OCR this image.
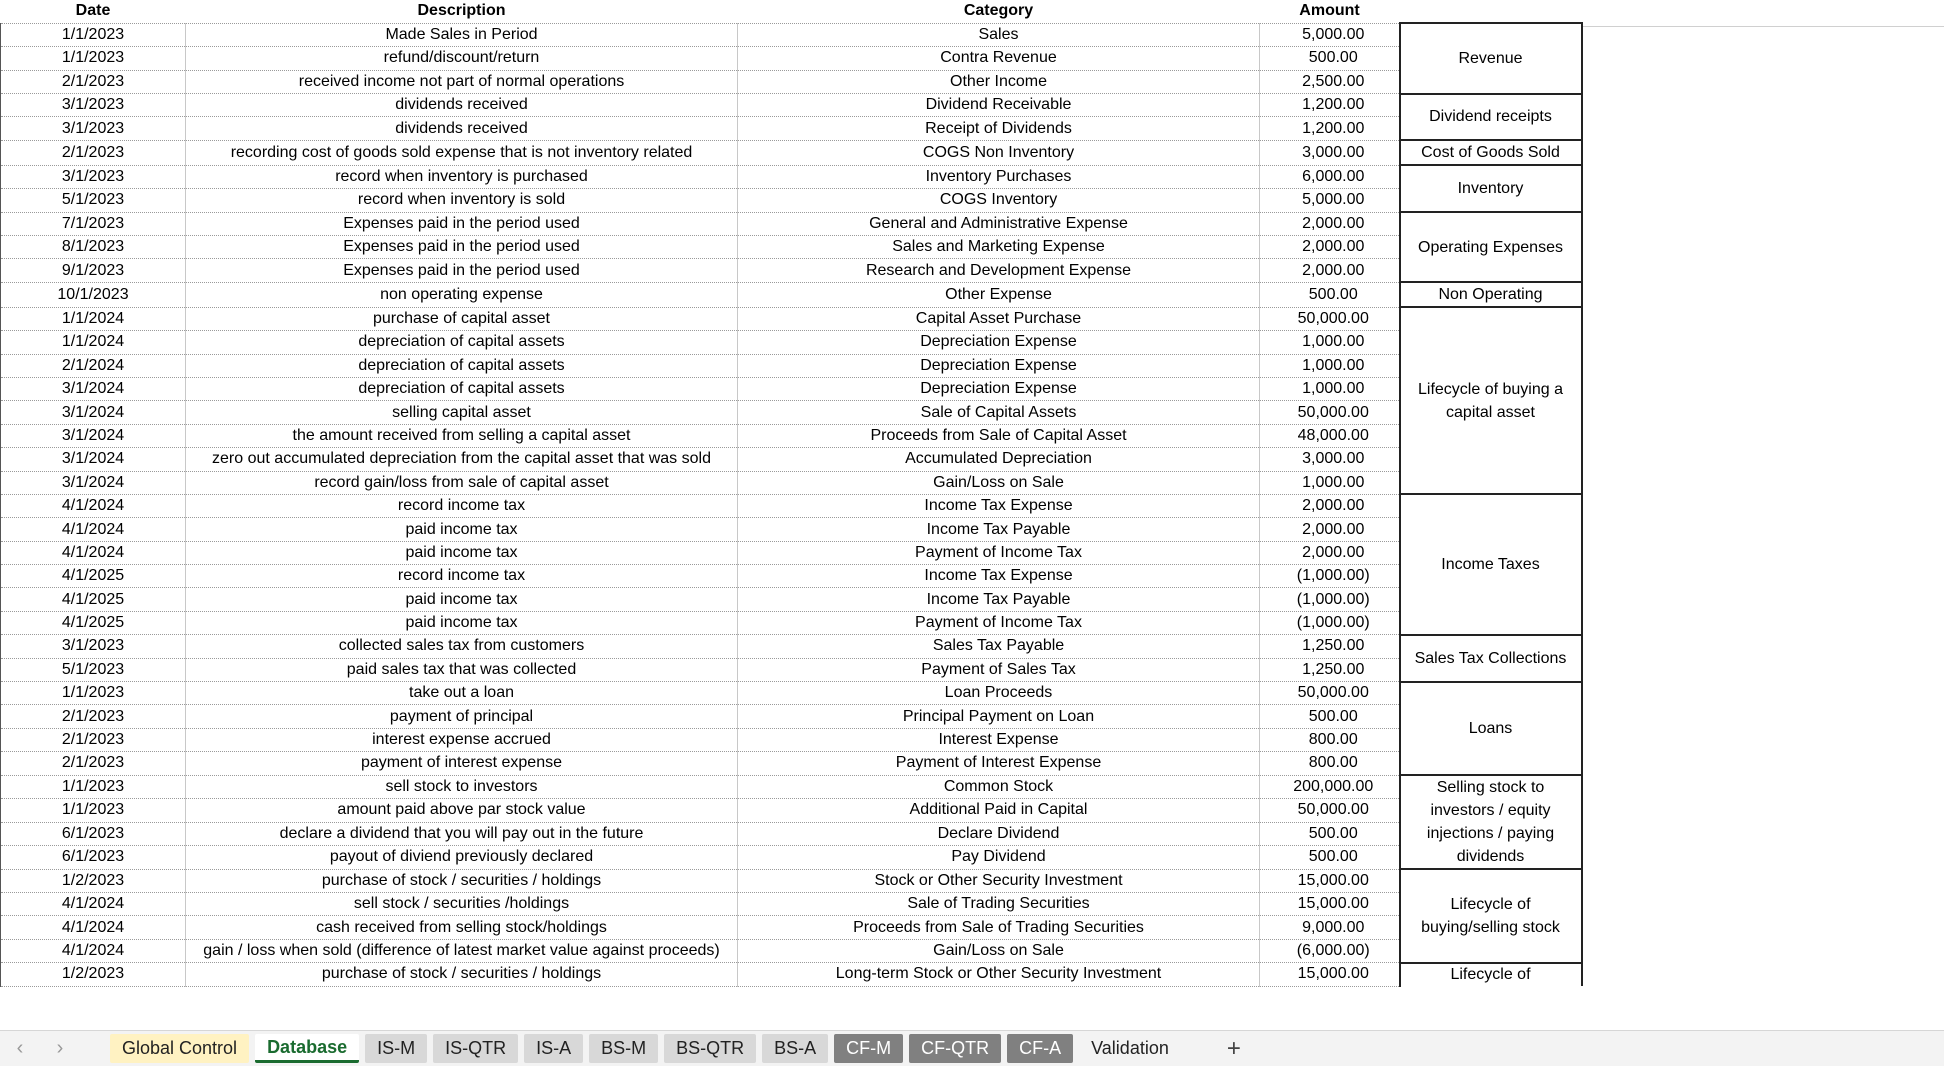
Date	Description	Category	Amount	
1/1/2023	Made Sales in Period	Sales	5,000.00	Revenue
1/1/2023	refund/discount/return	Contra Revenue	500.00	
2/1/2023	received income not part of normal operations	Other Income	2,500.00	
3/1/2023	dividends received	Dividend Receivable	1,200.00	Dividend receipts
3/1/2023	dividends received	Receipt of Dividends	1,200.00	
2/1/2023	recording cost of goods sold expense that is not inventory related	COGS Non Inventory	3,000.00	Cost of Goods Sold
3/1/2023	record when inventory is purchased	Inventory Purchases	6,000.00	Inventory
5/1/2023	record when inventory is sold	COGS Inventory	5,000.00	
7/1/2023	Expenses paid in the period used	General and Administrative Expense	2,000.00	Operating Expenses
8/1/2023	Expenses paid in the period used	Sales and Marketing Expense	2,000.00	
9/1/2023	Expenses paid in the period used	Research and Development Expense	2,000.00	
10/1/2023	non operating expense	Other Expense	500.00	Non Operating
1/1/2024	purchase of capital asset	Capital Asset Purchase	50,000.00	Lifecycle of buying a capital asset
1/1/2024	depreciation of capital assets	Depreciation Expense	1,000.00	
2/1/2024	depreciation of capital assets	Depreciation Expense	1,000.00	
3/1/2024	depreciation of capital assets	Depreciation Expense	1,000.00	
3/1/2024	selling capital asset	Sale of Capital Assets	50,000.00	
3/1/2024	the amount received from selling a capital asset	Proceeds from Sale of Capital Asset	48,000.00	
3/1/2024	zero out accumulated depreciation from the capital asset that was sold	Accumulated Depreciation	3,000.00	
3/1/2024	record gain/loss from sale of capital asset	Gain/Loss on Sale	1,000.00	
4/1/2024	record income tax	Income Tax Expense	2,000.00	Income Taxes
4/1/2024	paid income tax	Income Tax Payable	2,000.00	
4/1/2024	paid income tax	Payment of Income Tax	2,000.00	
4/1/2025	record income tax	Income Tax Expense	(1,000.00)	
4/1/2025	paid income tax	Income Tax Payable	(1,000.00)	
4/1/2025	paid income tax	Payment of Income Tax	(1,000.00)	
3/1/2023	collected sales tax from customers	Sales Tax Payable	1,250.00	Sales Tax Collections
5/1/2023	paid sales tax that was collected	Payment of Sales Tax	1,250.00	
1/1/2023	take out a loan	Loan Proceeds	50,000.00	Loans
2/1/2023	payment of principal	Principal Payment on Loan	500.00	
2/1/2023	interest expense accrued	Interest Expense	800.00	
2/1/2023	payment of interest expense	Payment of Interest Expense	800.00	
1/1/2023	sell stock to investors	Common Stock	200,000.00	Selling stock to investors / equity injections / paying dividends
1/1/2023	amount paid above par stock value	Additional Paid in Capital	50,000.00	
6/1/2023	declare a dividend that you will pay out in the future	Declare Dividend	500.00	
6/1/2023	payout of diviend previously declared	Pay Dividend	500.00	
1/2/2023	purchase of stock / securities / holdings	Stock or Other Security Investment	15,000.00	Lifecycle of buying/selling stock
4/1/2024	sell stock / securities /holdings	Sale of Trading Securities	15,000.00	
4/1/2024	cash received from selling stock/holdings	Proceeds from Sale of Trading Securities	9,000.00	
4/1/2024	gain / loss when sold (difference of latest market value against proceeds)	Gain/Loss on Sale	(6,000.00)	
1/2/2023	purchase of stock / securities / holdings	Long-term Stock or Other Security Investment	15,000.00	Lifecycle of
‹	›	Global Control	Database	IS-M	IS-QTR	IS-A	BS-M	BS-QTR	BS-A	CF-M	CF-QTR	CF-A	Validation	+
